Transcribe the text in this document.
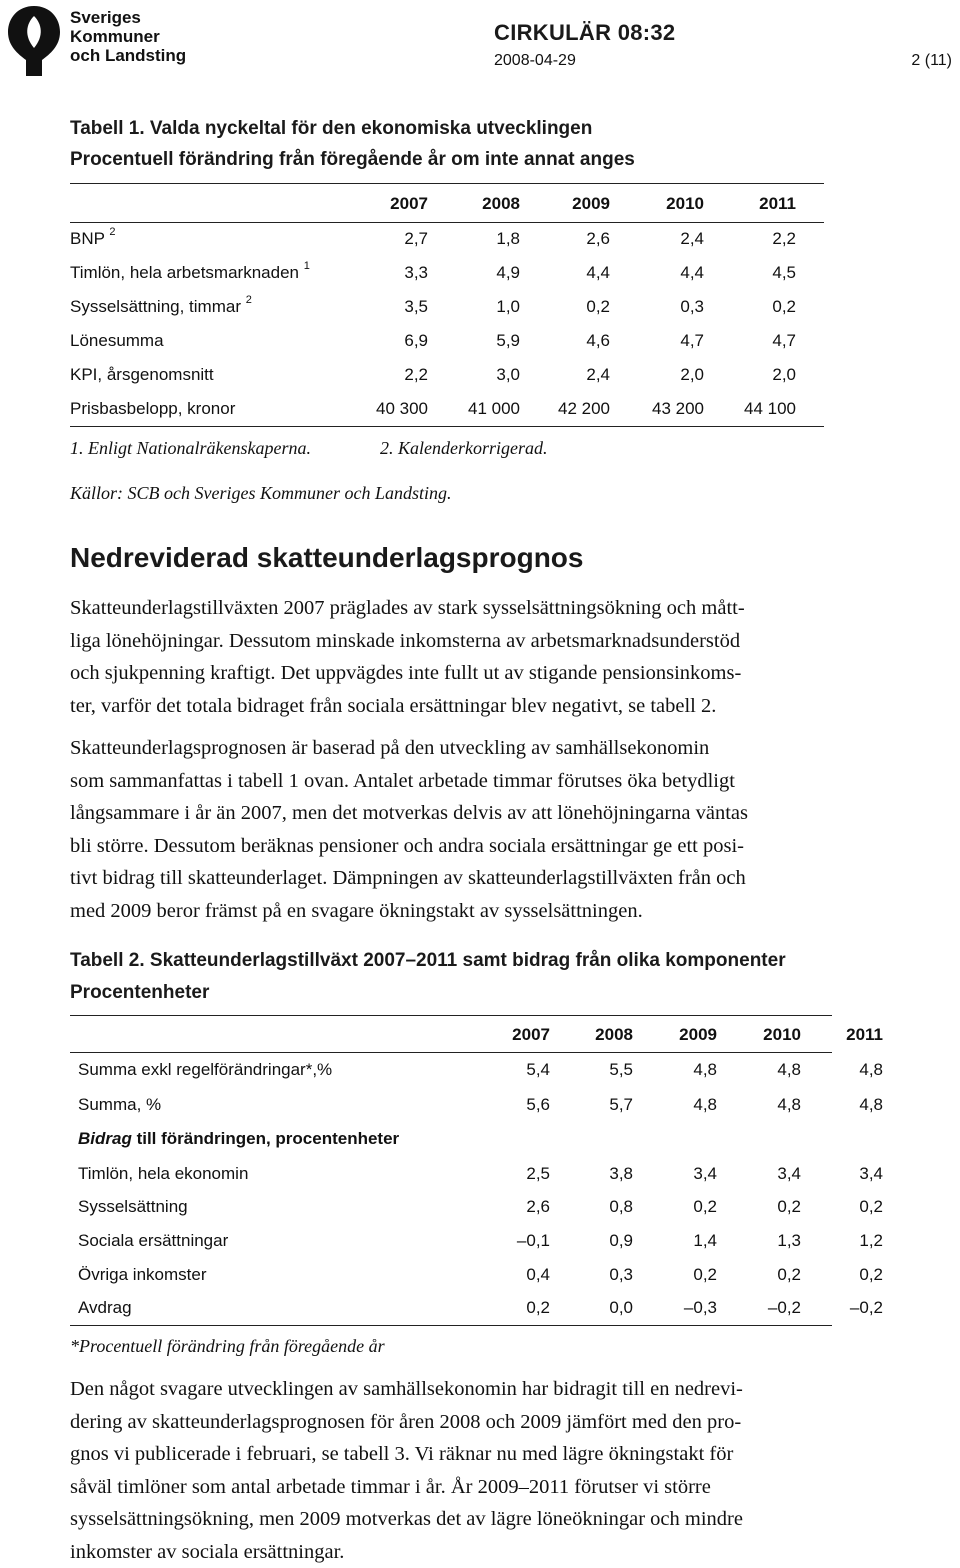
Sveriges
Kommuner
och Landsting
CIRKULÄR 08:32
2008-04-29	2 (11)
Tabell 1. Valda nyckeltal för den ekonomiska utvecklingen
Procentuell förändring från föregående år om inte annat anges
2007	2008	2009	2010	2011
BNP $^2$	2,7	1,8	2,6	2,4	2,2
Timlön, hela arbetsmarknaden $^1$	3,3	4,9	4,4	4,4	4,5
Sysselsättning, timmar $^2$	3,5	1,0	0,2	0,3	0,2
Lönesumma	6,9	5,9	4,6	4,7	4,7
KPI, årsgenomsnitt	2,2	3,0	2,4	2,0	2,0
Prisbasbelopp, kronor	40 300	41 000	42 200	43 200	44 100
1. Enligt Nationalräkenskaperna.	2. Kalenderkorrigerad.
Källor: SCB och Sveriges Kommuner och Landsting.
Nedreviderad skatteunderlagsprognos
Skatteunderlagstillväxten 2007 präglades av stark sysselsättningsökning och mått-
liga lönehöjningar. Dessutom minskade inkomsterna av arbetsmarknadsunderstöd
och sjukpenning kraftigt. Det uppvägdes inte fullt ut av stigande pensionsinkoms-
ter, varför det totala bidraget från sociala ersättningar blev negativt, se tabell 2.
Skatteunderlagsprognosen är baserad på den utveckling av samhällsekonomin
som sammanfattas i tabell 1 ovan. Antalet arbetade timmar förutses öka betydligt
långsammare i år än 2007, men det motverkas delvis av att lönehöjningarna väntas
bli större. Dessutom beräknas pensioner och andra sociala ersättningar ge ett posi-
tivt bidrag till skatteunderlaget. Dämpningen av skatteunderlagstillväxten från och
med 2009 beror främst på en svagare ökningstakt av sysselsättningen.
Tabell 2. Skatteunderlagstillväxt 2007–2011 samt bidrag från olika komponenter
Procentenheter
2007	2008	2009	2010	2011
Summa exkl regelförändringar*,%	5,4	5,5	4,8	4,8	4,8
Summa, %	5,6	5,7	4,8	4,8	4,8
Bidrag till förändringen, procentenheter
Timlön, hela ekonomin	2,5	3,8	3,4	3,4	3,4
Sysselsättning	2,6	0,8	0,2	0,2	0,2
Sociala ersättningar	–0,1	0,9	1,4	1,3	1,2
Övriga inkomster	0,4	0,3	0,2	0,2	0,2
Avdrag	0,2	0,0	–0,3	–0,2	–0,2
*Procentuell förändring från föregående år
Den något svagare utvecklingen av samhällsekonomin har bidragit till en nedrevi-
dering av skatteunderlagsprognosen för åren 2008 och 2009 jämfört med den pro-
gnos vi publicerade i februari, se tabell 3. Vi räknar nu med lägre ökningstakt för
såväl timlöner som antal arbetade timmar i år. År 2009–2011 förutser vi större
sysselsättningsökning, men 2009 motverkas det av lägre löneökningar och mindre
inkomster av sociala ersättningar.
